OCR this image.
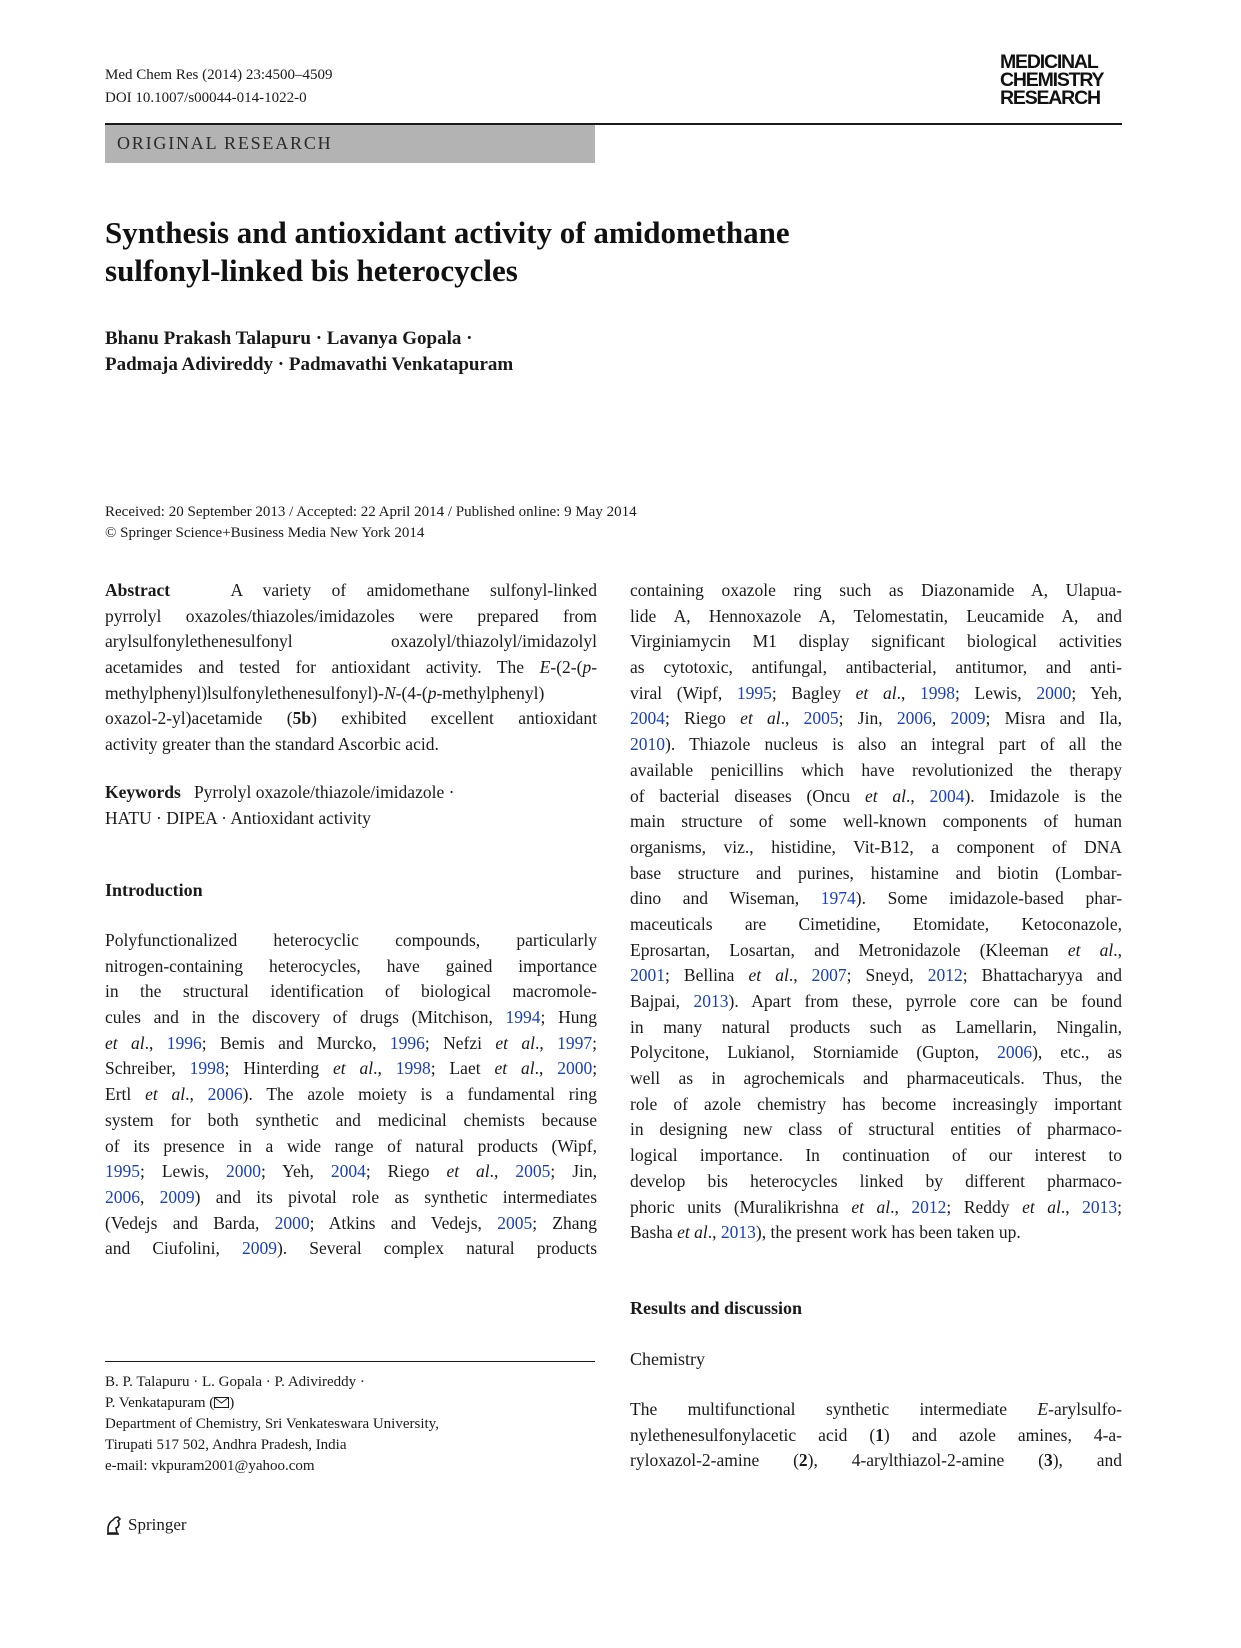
Med Chem Res (2014) 23:4500–4509
DOI 10.1007/s00044-014-1022-0
MEDICINAL
CHEMISTRY
RESEARCH
ORIGINAL RESEARCH
Synthesis and antioxidant activity of amidomethane
sulfonyl-linked bis heterocycles
Bhanu Prakash Talapuru · Lavanya Gopala ·
Padmaja Adivireddy · Padmavathi Venkatapuram
Received: 20 September 2013 / Accepted: 22 April 2014 / Published online: 9 May 2014
© Springer Science+Business Media New York 2014
Abstract	A variety of amidomethane sulfonyl-linked
pyrrolyl oxazoles/thiazoles/imidazoles were prepared from
arylsulfonylethenesulfonyl	oxazolyl/thiazolyl/imidazolyl
acetamides and tested for antioxidant activity. The E-(2-(p-
methylphenyl)lsulfonylethenesulfonyl)-N-(4-(p-methylphenyl)
oxazol-2-yl)acetamide (5b) exhibited excellent antioxidant
activity greater than the standard Ascorbic acid.
Keywords Pyrrolyl oxazole/thiazole/imidazole ·
HATU · DIPEA · Antioxidant activity
Introduction
Polyfunctionalized heterocyclic compounds, particularly
nitrogen-containing heterocycles, have gained importance
in the structural identification of biological macromole-
cules and in the discovery of drugs (Mitchison, 1994; Hung
et al., 1996; Bemis and Murcko, 1996; Nefzi et al., 1997;
Schreiber, 1998; Hinterding et al., 1998; Laet et al., 2000;
Ertl et al., 2006). The azole moiety is a fundamental ring
system for both synthetic and medicinal chemists because
of its presence in a wide range of natural products (Wipf,
1995; Lewis, 2000; Yeh, 2004; Riego et al., 2005; Jin,
2006, 2009) and its pivotal role as synthetic intermediates
(Vedejs and Barda, 2000; Atkins and Vedejs, 2005; Zhang
and Ciufolini, 2009). Several complex natural products
B. P. Talapuru · L. Gopala · P. Adivireddy ·
P. Venkatapuram ( )
Department of Chemistry, Sri Venkateswara University,
Tirupati 517 502, Andhra Pradesh, India
e-mail: vkpuram2001@yahoo.com
Springer
containing oxazole ring such as Diazonamide A, Ulapua-
lide A, Hennoxazole A, Telomestatin, Leucamide A, and
Virginiamycin M1 display significant biological activities
as cytotoxic, antifungal, antibacterial, antitumor, and anti-
viral (Wipf, 1995; Bagley et al., 1998; Lewis, 2000; Yeh,
2004; Riego et al., 2005; Jin, 2006, 2009; Misra and Ila,
2010). Thiazole nucleus is also an integral part of all the
available penicillins which have revolutionized the therapy
of bacterial diseases (Oncu et al., 2004). Imidazole is the
main structure of some well-known components of human
organisms, viz., histidine, Vit-B12, a component of DNA
base structure and purines, histamine and biotin (Lombar-
dino and Wiseman, 1974). Some imidazole-based phar-
maceuticals are Cimetidine, Etomidate, Ketoconazole,
Eprosartan, Losartan, and Metronidazole (Kleeman et al.,
2001; Bellina et al., 2007; Sneyd, 2012; Bhattacharyya and
Bajpai, 2013). Apart from these, pyrrole core can be found
in many natural products such as Lamellarin, Ningalin,
Polycitone, Lukianol, Storniamide (Gupton, 2006), etc., as
well as in agrochemicals and pharmaceuticals. Thus, the
role of azole chemistry has become increasingly important
in designing new class of structural entities of pharmaco-
logical importance. In continuation of our interest to
develop bis heterocycles linked by different pharmaco-
phoric units (Muralikrishna et al., 2012; Reddy et al., 2013;
Basha et al., 2013), the present work has been taken up.
Results and discussion
Chemistry
The multifunctional synthetic intermediate E-arylsulfo-
nylethenesulfonylacetic acid (1) and azole amines, 4-a-
ryloxazol-2-amine (2), 4-arylthiazol-2-amine (3), and
